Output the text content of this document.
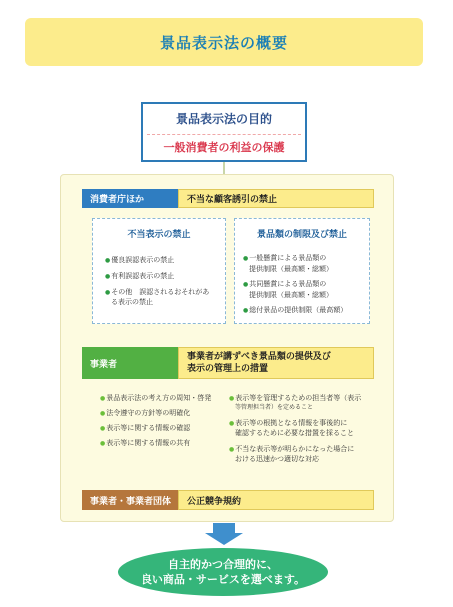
景品表示法の概要
景品表示法の目的
一般消費者の利益の保護
消費者庁ほか	不当な顧客誘引の禁止
不当表示の禁止
●優良誤認表示の禁止
●有利誤認表示の禁止
●その他　誤認されるおそれがあ
る表示の禁止
景品類の制限及び禁止
●一般懸賞による景品類の
提供制限（最高額・総額）
●共同懸賞による景品類の
提供制限（最高額・総額）
●総付景品の提供制限（最高額）
事業者
事業者が講ずべき景品類の提供及び
表示の管理上の措置
●景品表示法の考え方の周知・啓発
●法令遵守の方針等の明確化
●表示等に関する情報の確認
●表示等に関する情報の共有
●表示等を管理するための担当者等（表示
等管理担当者）を定めること
●表示等の根拠となる情報を事後的に
確認するために必要な措置を採ること
●不当な表示等が明らかになった場合に
おける迅速かつ適切な対応
事業者・事業者団体	公正競争規約
自主的かつ合理的に、
良い商品・サービスを選べます。
